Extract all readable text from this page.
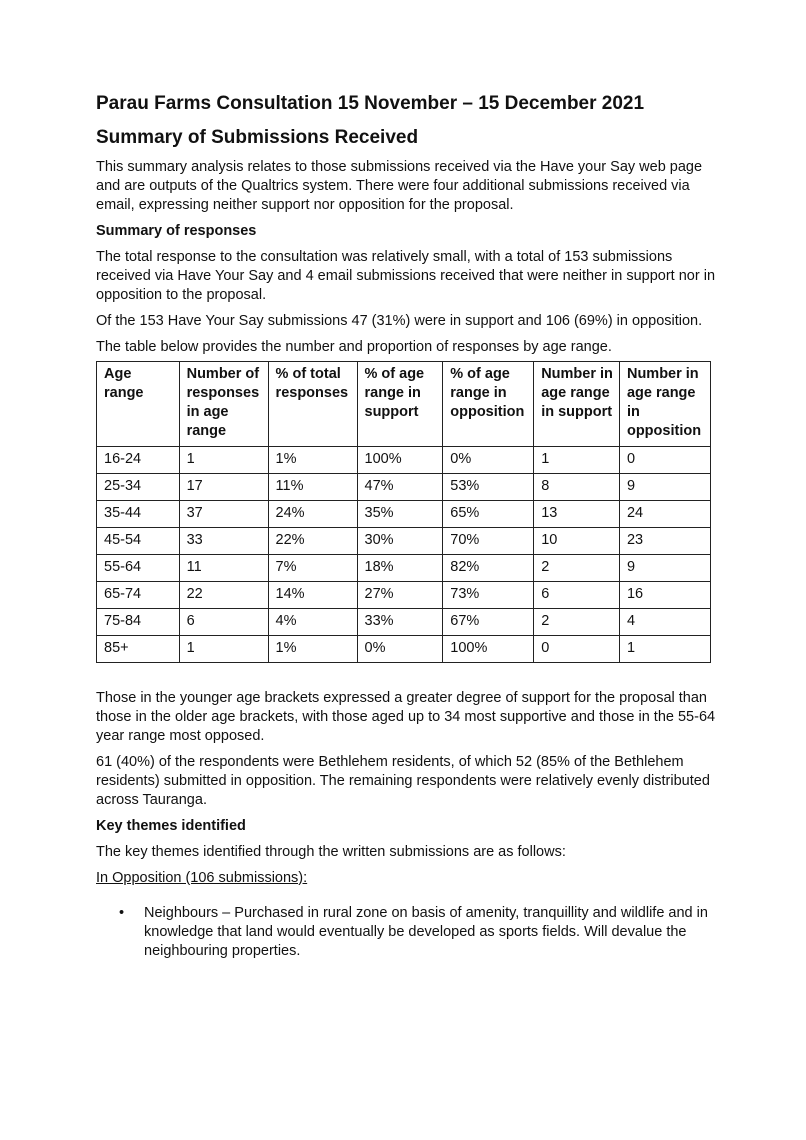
Parau Farms Consultation 15 November – 15 December 2021
Summary of Submissions Received

This summary analysis relates to those submissions received via the Have your Say web page and are outputs of the Qualtrics system. There were four additional submissions received via email, expressing neither support nor opposition for the proposal.

Summary of responses

The total response to the consultation was relatively small, with a total of 153 submissions received via Have Your Say and 4 email submissions received that were neither in support nor in opposition to the proposal.

Of the 153 Have Your Say submissions 47 (31%) were in support and 106 (69%) in opposition.

The table below provides the number and proportion of responses by age range.

Age range	Number of responses in age range	% of total responses	% of age range in support	% of age range in opposition	Number in age range in support	Number in age range in opposition
16-24	1	1%	100%	0%	1	0
25-34	17	11%	47%	53%	8	9
35-44	37	24%	35%	65%	13	24
45-54	33	22%	30%	70%	10	23
55-64	11	7%	18%	82%	2	9
65-74	22	14%	27%	73%	6	16
75-84	6	4%	33%	67%	2	4
85+	1	1%	0%	100%	0	1

Those in the younger age brackets expressed a greater degree of support for the proposal than those in the older age brackets, with those aged up to 34 most supportive and those in the 55-64 year range most opposed.

61 (40%) of the respondents were Bethlehem residents, of which 52 (85% of the Bethlehem residents) submitted in opposition. The remaining respondents were relatively evenly distributed across Tauranga.

Key themes identified

The key themes identified through the written submissions are as follows:

In Opposition (106 submissions):

• Neighbours – Purchased in rural zone on basis of amenity, tranquillity and wildlife and in knowledge that land would eventually be developed as sports fields. Will devalue the neighbouring properties.
